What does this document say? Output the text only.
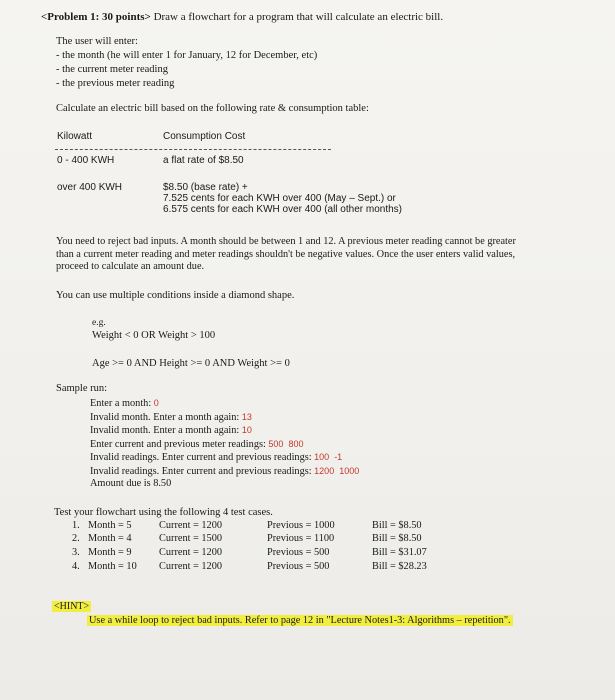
<Problem 1: 30 points> Draw a flowchart for a program that will calculate an electric bill.
The user will enter:
- the month (he will enter 1 for January, 12 for December, etc)
- the current meter reading
- the previous meter reading
Calculate an electric bill based on the following rate & consumption table:
Kilowatt	Consumption Cost
0 - 400 KWH	a flat rate of $8.50
over 400 KWH	$8.50 (base rate) +
7.525 cents for each KWH over 400 (May – Sept.) or
6.575 cents for each KWH over 400 (all other months)
You need to reject bad inputs. A month should be between 1 and 12. A previous meter reading cannot be greater
than a current meter reading and meter readings shouldn't be negative values. Once the user enters valid values,
proceed to calculate an amount due.
You can use multiple conditions inside a diamond shape.
e.g.
Weight < 0 OR Weight > 100
Age >= 0 AND Height >= 0 AND Weight >= 0
Sample run:
Enter a month: 0
Invalid month. Enter a month again: 13
Invalid month. Enter a month again: 10
Enter current and previous meter readings: 500  800
Invalid readings. Enter current and previous readings: 100  -1
Invalid readings. Enter current and previous readings: 1200  1000
Amount due is 8.50
Test your flowchart using the following 4 test cases.
1. Month = 5	Current = 1200	Previous = 1000	Bill = $8.50
2. Month = 4	Current = 1500	Previous = 1100	Bill = $8.50
3. Month = 9	Current = 1200	Previous = 500	Bill = $31.07
4. Month = 10 Current = 1200	Previous = 500	Bill = $28.23
<HINT>
Use a while loop to reject bad inputs. Refer to page 12 in "Lecture Notes1-3: Algorithms – repetition".
